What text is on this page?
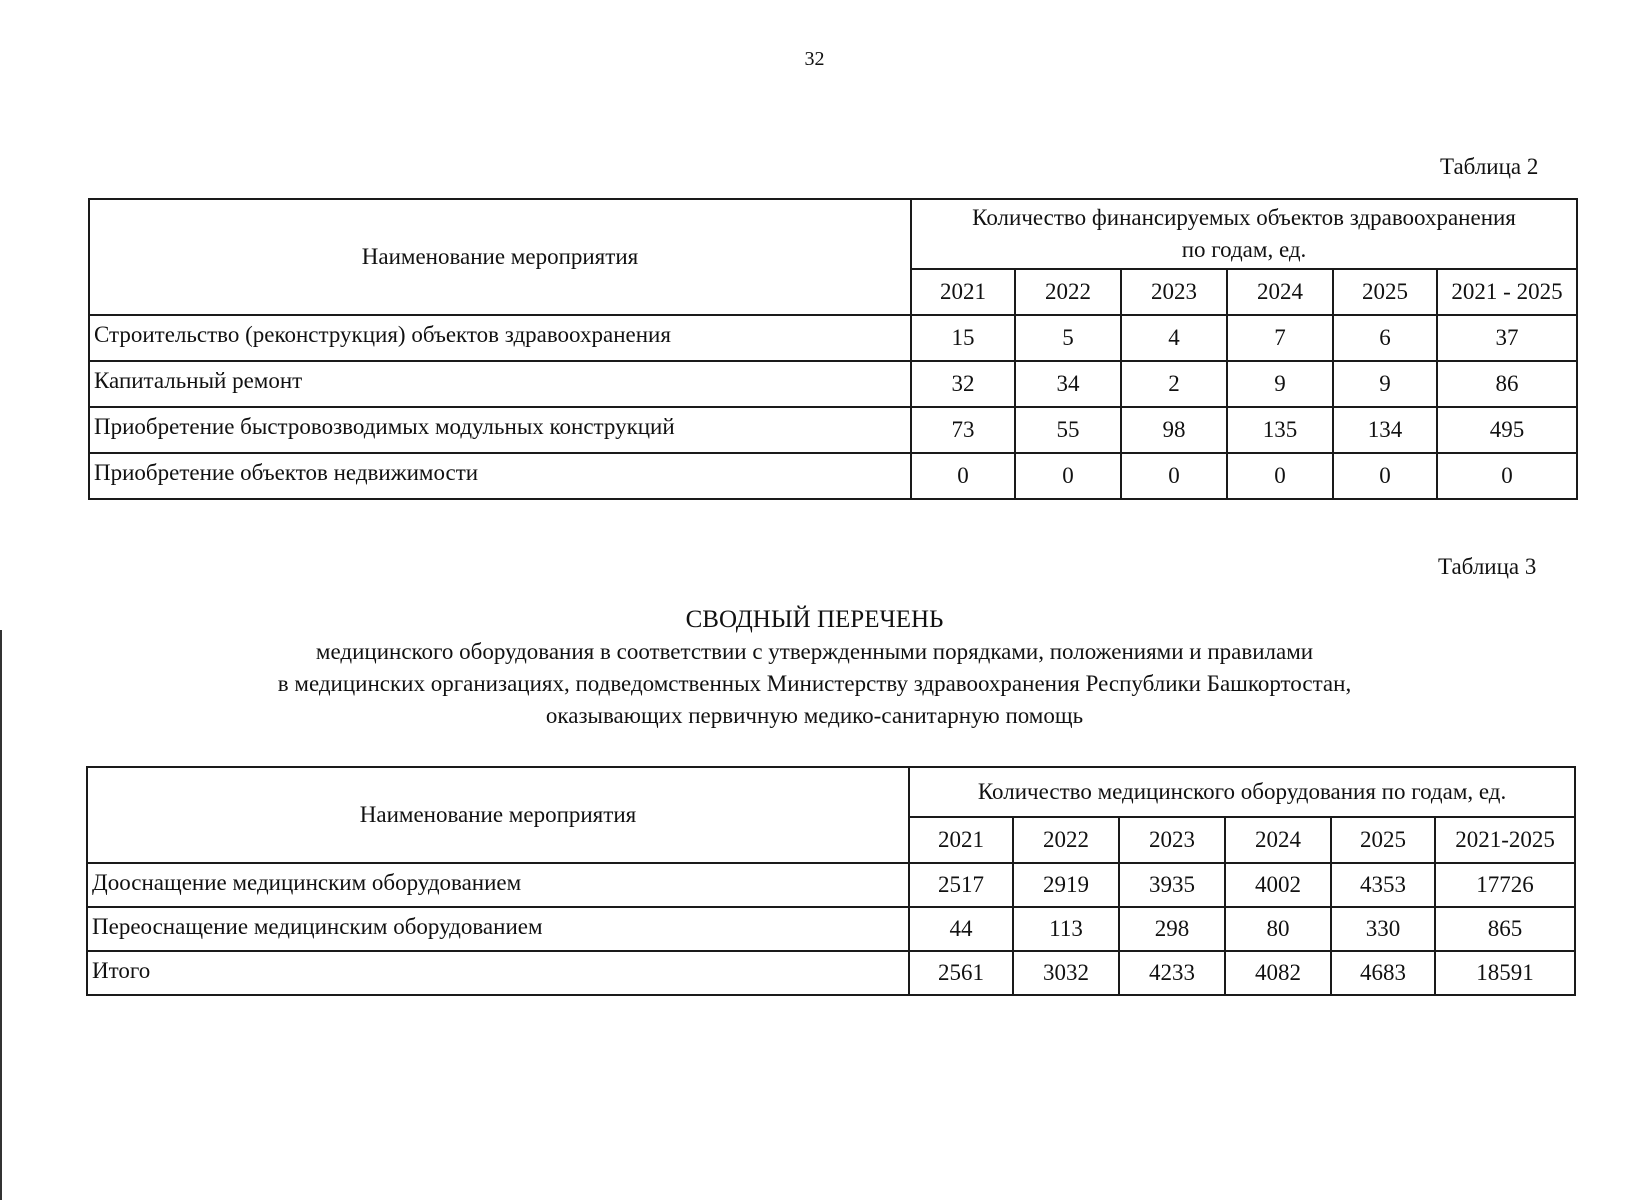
32
Таблица 2
Наименование мероприятия	Количество финансируемых объектов здравоохранения
по годам, ед.					

	2021	2022	2023	2024	2025	2021 - 2025
Строительство (реконструкция) объектов здравоохранения	15	5	4	7	6	37
Капитальный ремонт	32	34	2	9	9	86
Приобретение быстровозводимых модульных конструкций	73	55	98	135	134	495
Приобретение объектов недвижимости	0	0	0	0	0	0
Таблица 3
СВОДНЫЙ ПЕРЕЧЕНЬ
медицинского оборудования в соответствии с утвержденными порядками, положениями и правилами
в медицинских организациях, подведомственных Министерству здравоохранения Республики Башкортостан,
оказывающих первичную медико-санитарную помощь
Наименование мероприятия	Количество медицинского оборудования по годам, ед.					
	2021	2022	2023	2024	2025	2021-2025
Дооснащение медицинским оборудованием	2517	2919	3935	4002	4353	17726
Переоснащение медицинским оборудованием	44	113	298	80	330	865
Итого	2561	3032	4233	4082	4683	18591
